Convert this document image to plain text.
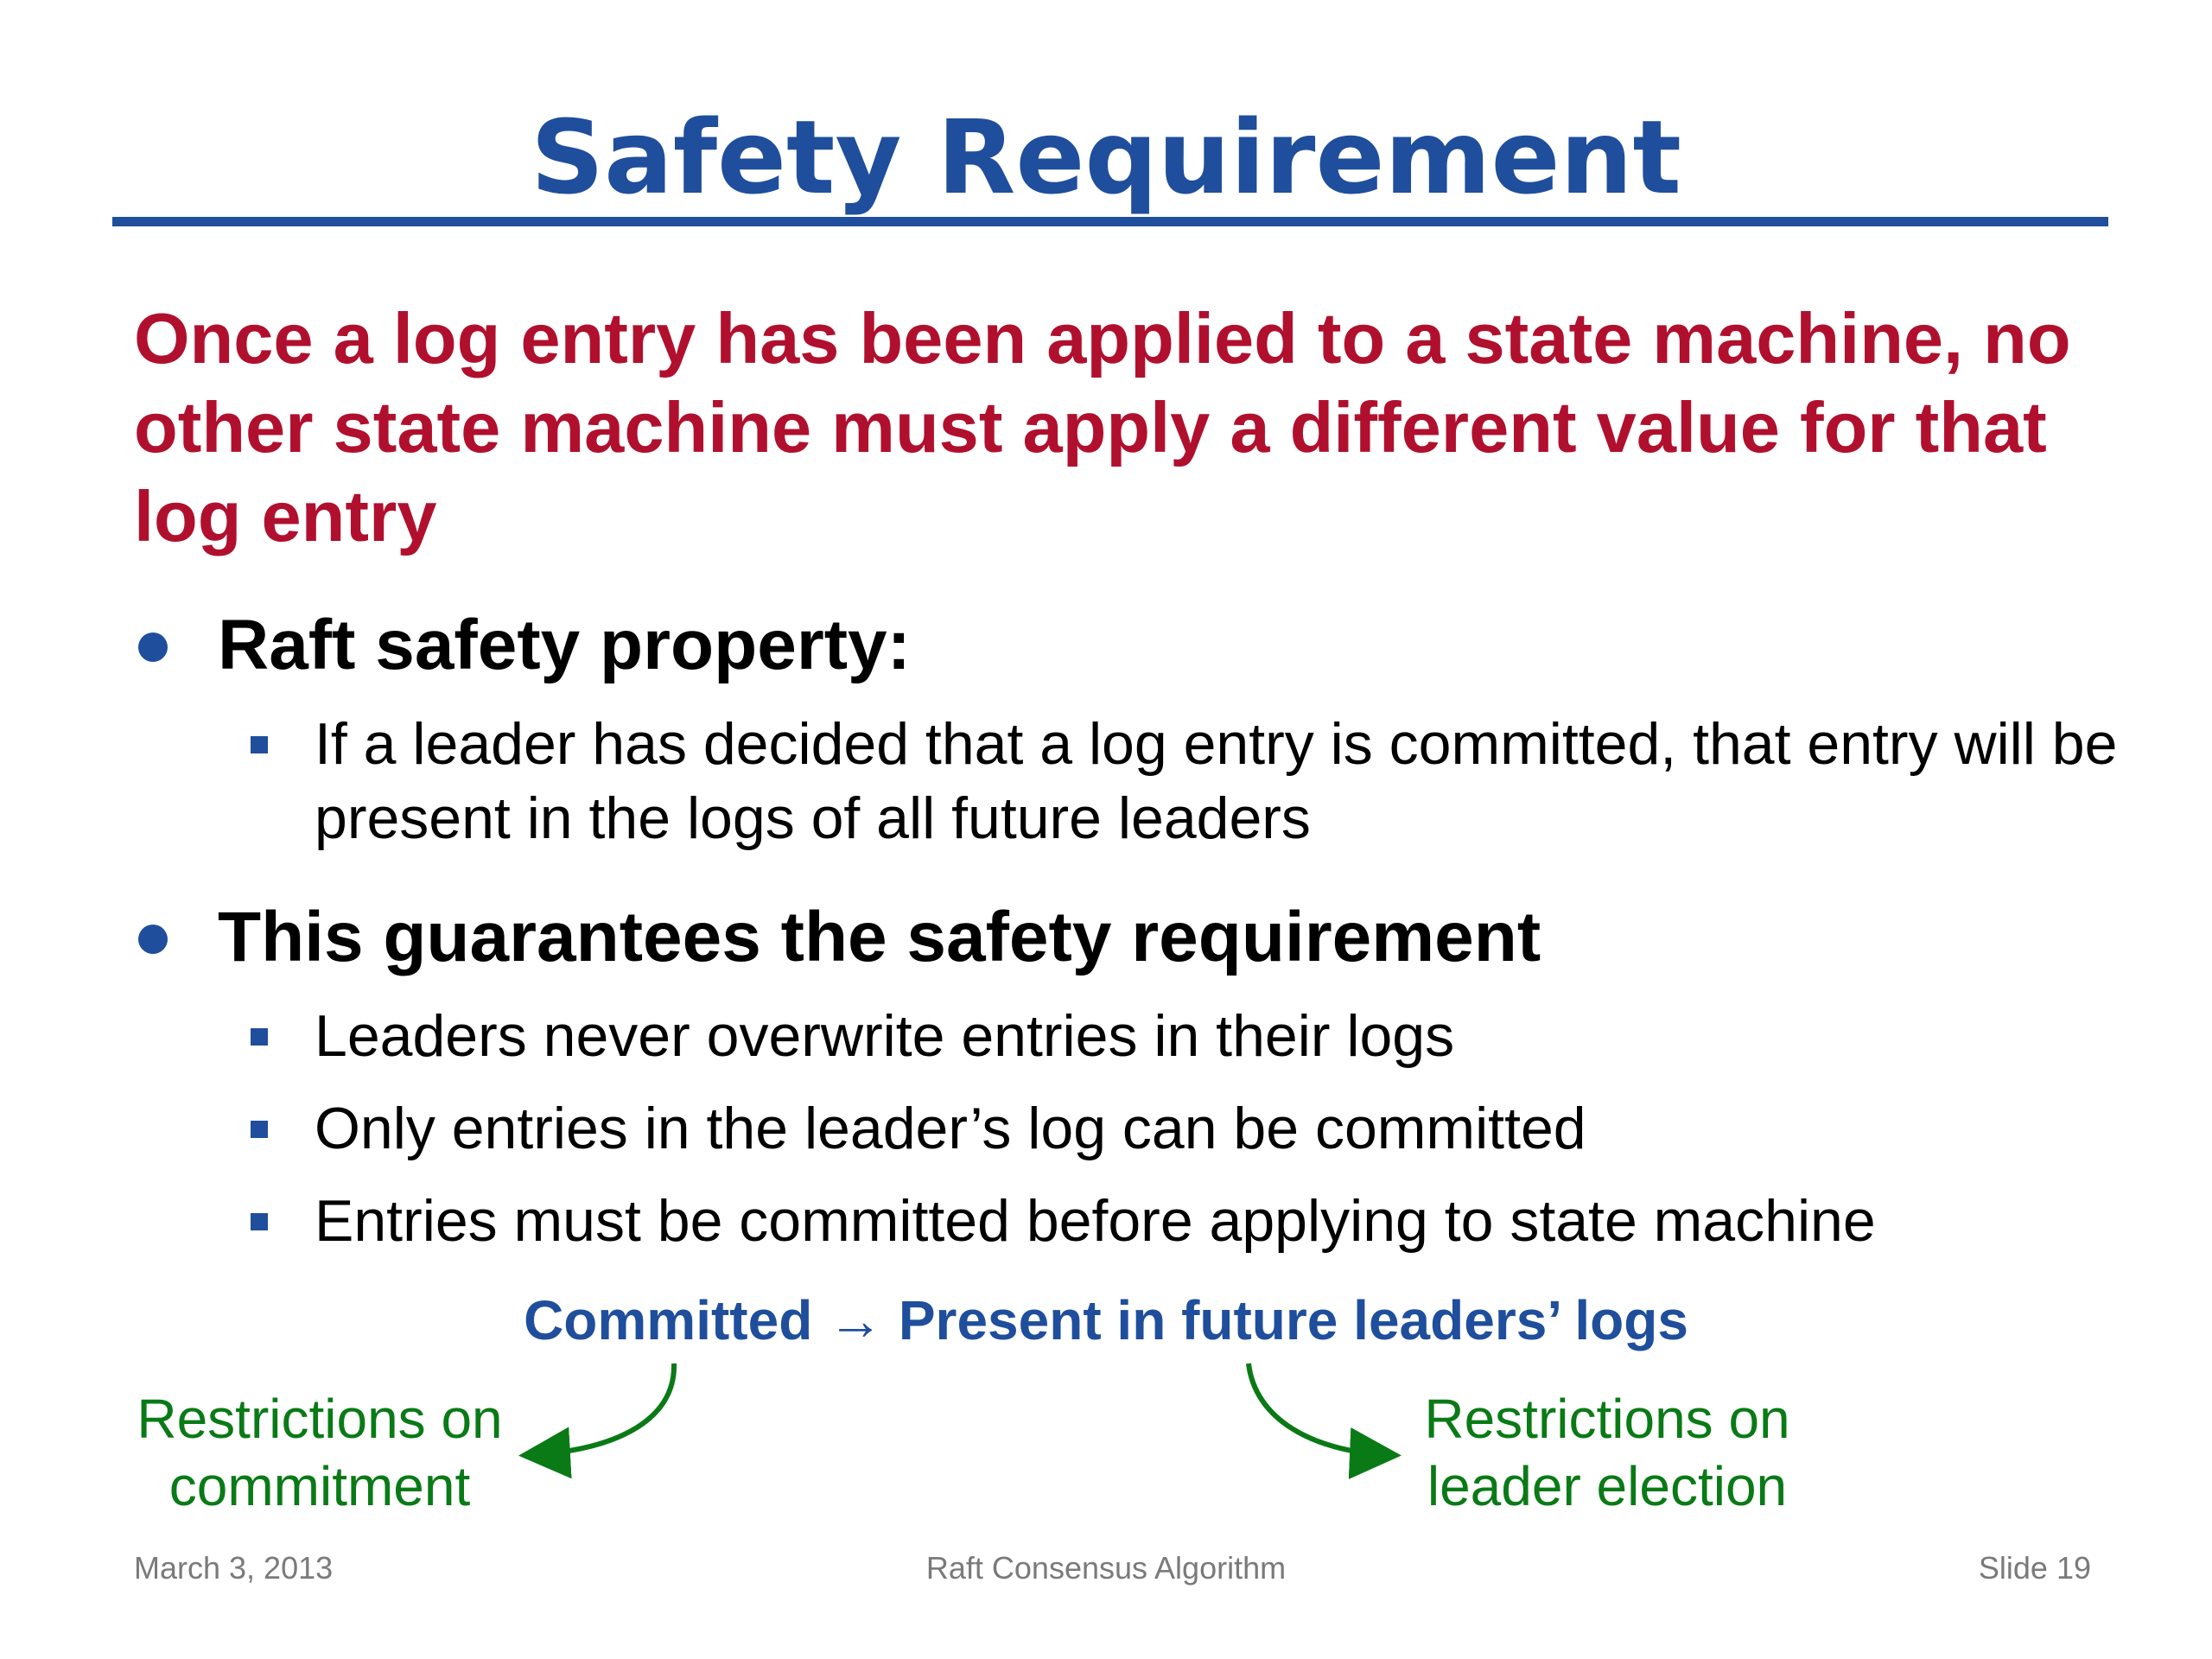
Safety Requirement

Once a log entry has been applied to a state machine, no other state machine must apply a different value for that log entry

Raft safety property:
If a leader has decided that a log entry is committed, that entry will be present in the logs of all future leaders
This guarantees the safety requirement
Leaders never overwrite entries in their logs
Only entries in the leader’s log can be committed
Entries must be committed before applying to state machine
Committed → Present in future leaders’ logs
Restrictions on
commitment
Restrictions on
leader election
March 3, 2013	Raft Consensus Algorithm	Slide 19
